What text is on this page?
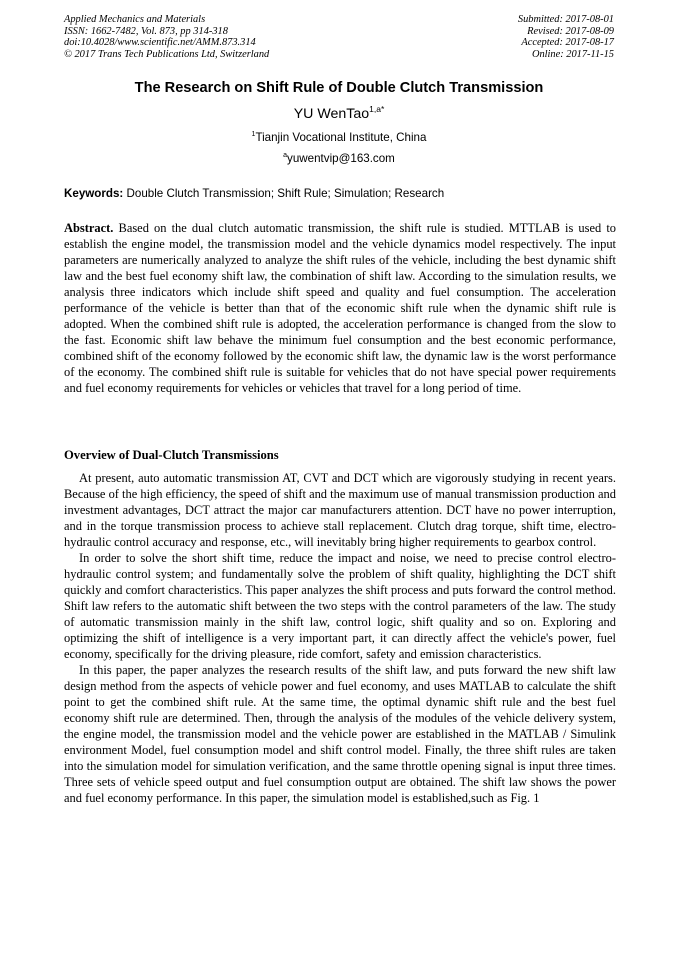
Applied Mechanics and Materials
ISSN: 1662-7482, Vol. 873, pp 314-318
doi:10.4028/www.scientific.net/AMM.873.314
© 2017 Trans Tech Publications Ltd, Switzerland
Submitted: 2017-08-01
Revised: 2017-08-09
Accepted: 2017-08-17
Online: 2017-11-15
The Research on Shift Rule of Double Clutch Transmission
YU WenTao$^{1,a*}$
$^1$Tianjin Vocational Institute, China
$^a$yuwentvip@163.com
Keywords: Double Clutch Transmission; Shift Rule; Simulation; Research
Abstract. Based on the dual clutch automatic transmission, the shift rule is studied. MTTLAB is used to establish the engine model, the transmission model and the vehicle dynamics model respectively. The input parameters are numerically analyzed to analyze the shift rules of the vehicle, including the best dynamic shift law and the best fuel economy shift law, the combination of shift law. According to the simulation results, we analysis three indicators which include shift speed and quality and fuel consumption. The acceleration performance of the vehicle is better than that of the economic shift rule when the dynamic shift rule is adopted. When the combined shift rule is adopted, the acceleration performance is changed from the slow to the fast. Economic shift law behave the minimum fuel consumption and the best economic performance, combined shift of the economy followed by the economic shift law, the dynamic law is the worst performance of the economy. The combined shift rule is suitable for vehicles that do not have special power requirements and fuel economy requirements for vehicles or vehicles that travel for a long period of time.
Overview of Dual-Clutch Transmissions

At present, auto automatic transmission AT, CVT and DCT which are vigorously studying in recent years. Because of the high efficiency, the speed of shift and the maximum use of manual transmission production and investment advantages, DCT attract the major car manufacturers attention. DCT have no power interruption, and in the torque transmission process to achieve stall replacement. Clutch drag torque, shift time, electro-hydraulic control accuracy and response, etc., will inevitably bring higher requirements to gearbox control.

In order to solve the short shift time, reduce the impact and noise, we need to precise control electro-hydraulic control system; and fundamentally solve the problem of shift quality, highlighting the DCT shift quickly and comfort characteristics. This paper analyzes the shift process and puts forward the control method. Shift law refers to the automatic shift between the two steps with the control parameters of the law. The study of automatic transmission mainly in the shift law, control logic, shift quality and so on. Exploring and optimizing the shift of intelligence is a very important part, it can directly affect the vehicle's power, fuel economy, specifically for the driving pleasure, ride comfort, safety and emission characteristics.

In this paper, the paper analyzes the research results of the shift law, and puts forward the new shift law design method from the aspects of vehicle power and fuel economy, and uses MATLAB to calculate the shift point to get the combined shift rule. At the same time, the optimal dynamic shift rule and the best fuel economy shift rule are determined. Then, through the analysis of the modules of the vehicle delivery system, the engine model, the transmission model and the vehicle power are established in the MATLAB / Simulink environment Model, fuel consumption model and shift control model. Finally, the three shift rules are taken into the simulation model for simulation verification, and the same throttle opening signal is input three times. Three sets of vehicle speed output and fuel consumption output are obtained. The shift law shows the power and fuel economy performance. In this paper, the simulation model is established,such as Fig. 1
